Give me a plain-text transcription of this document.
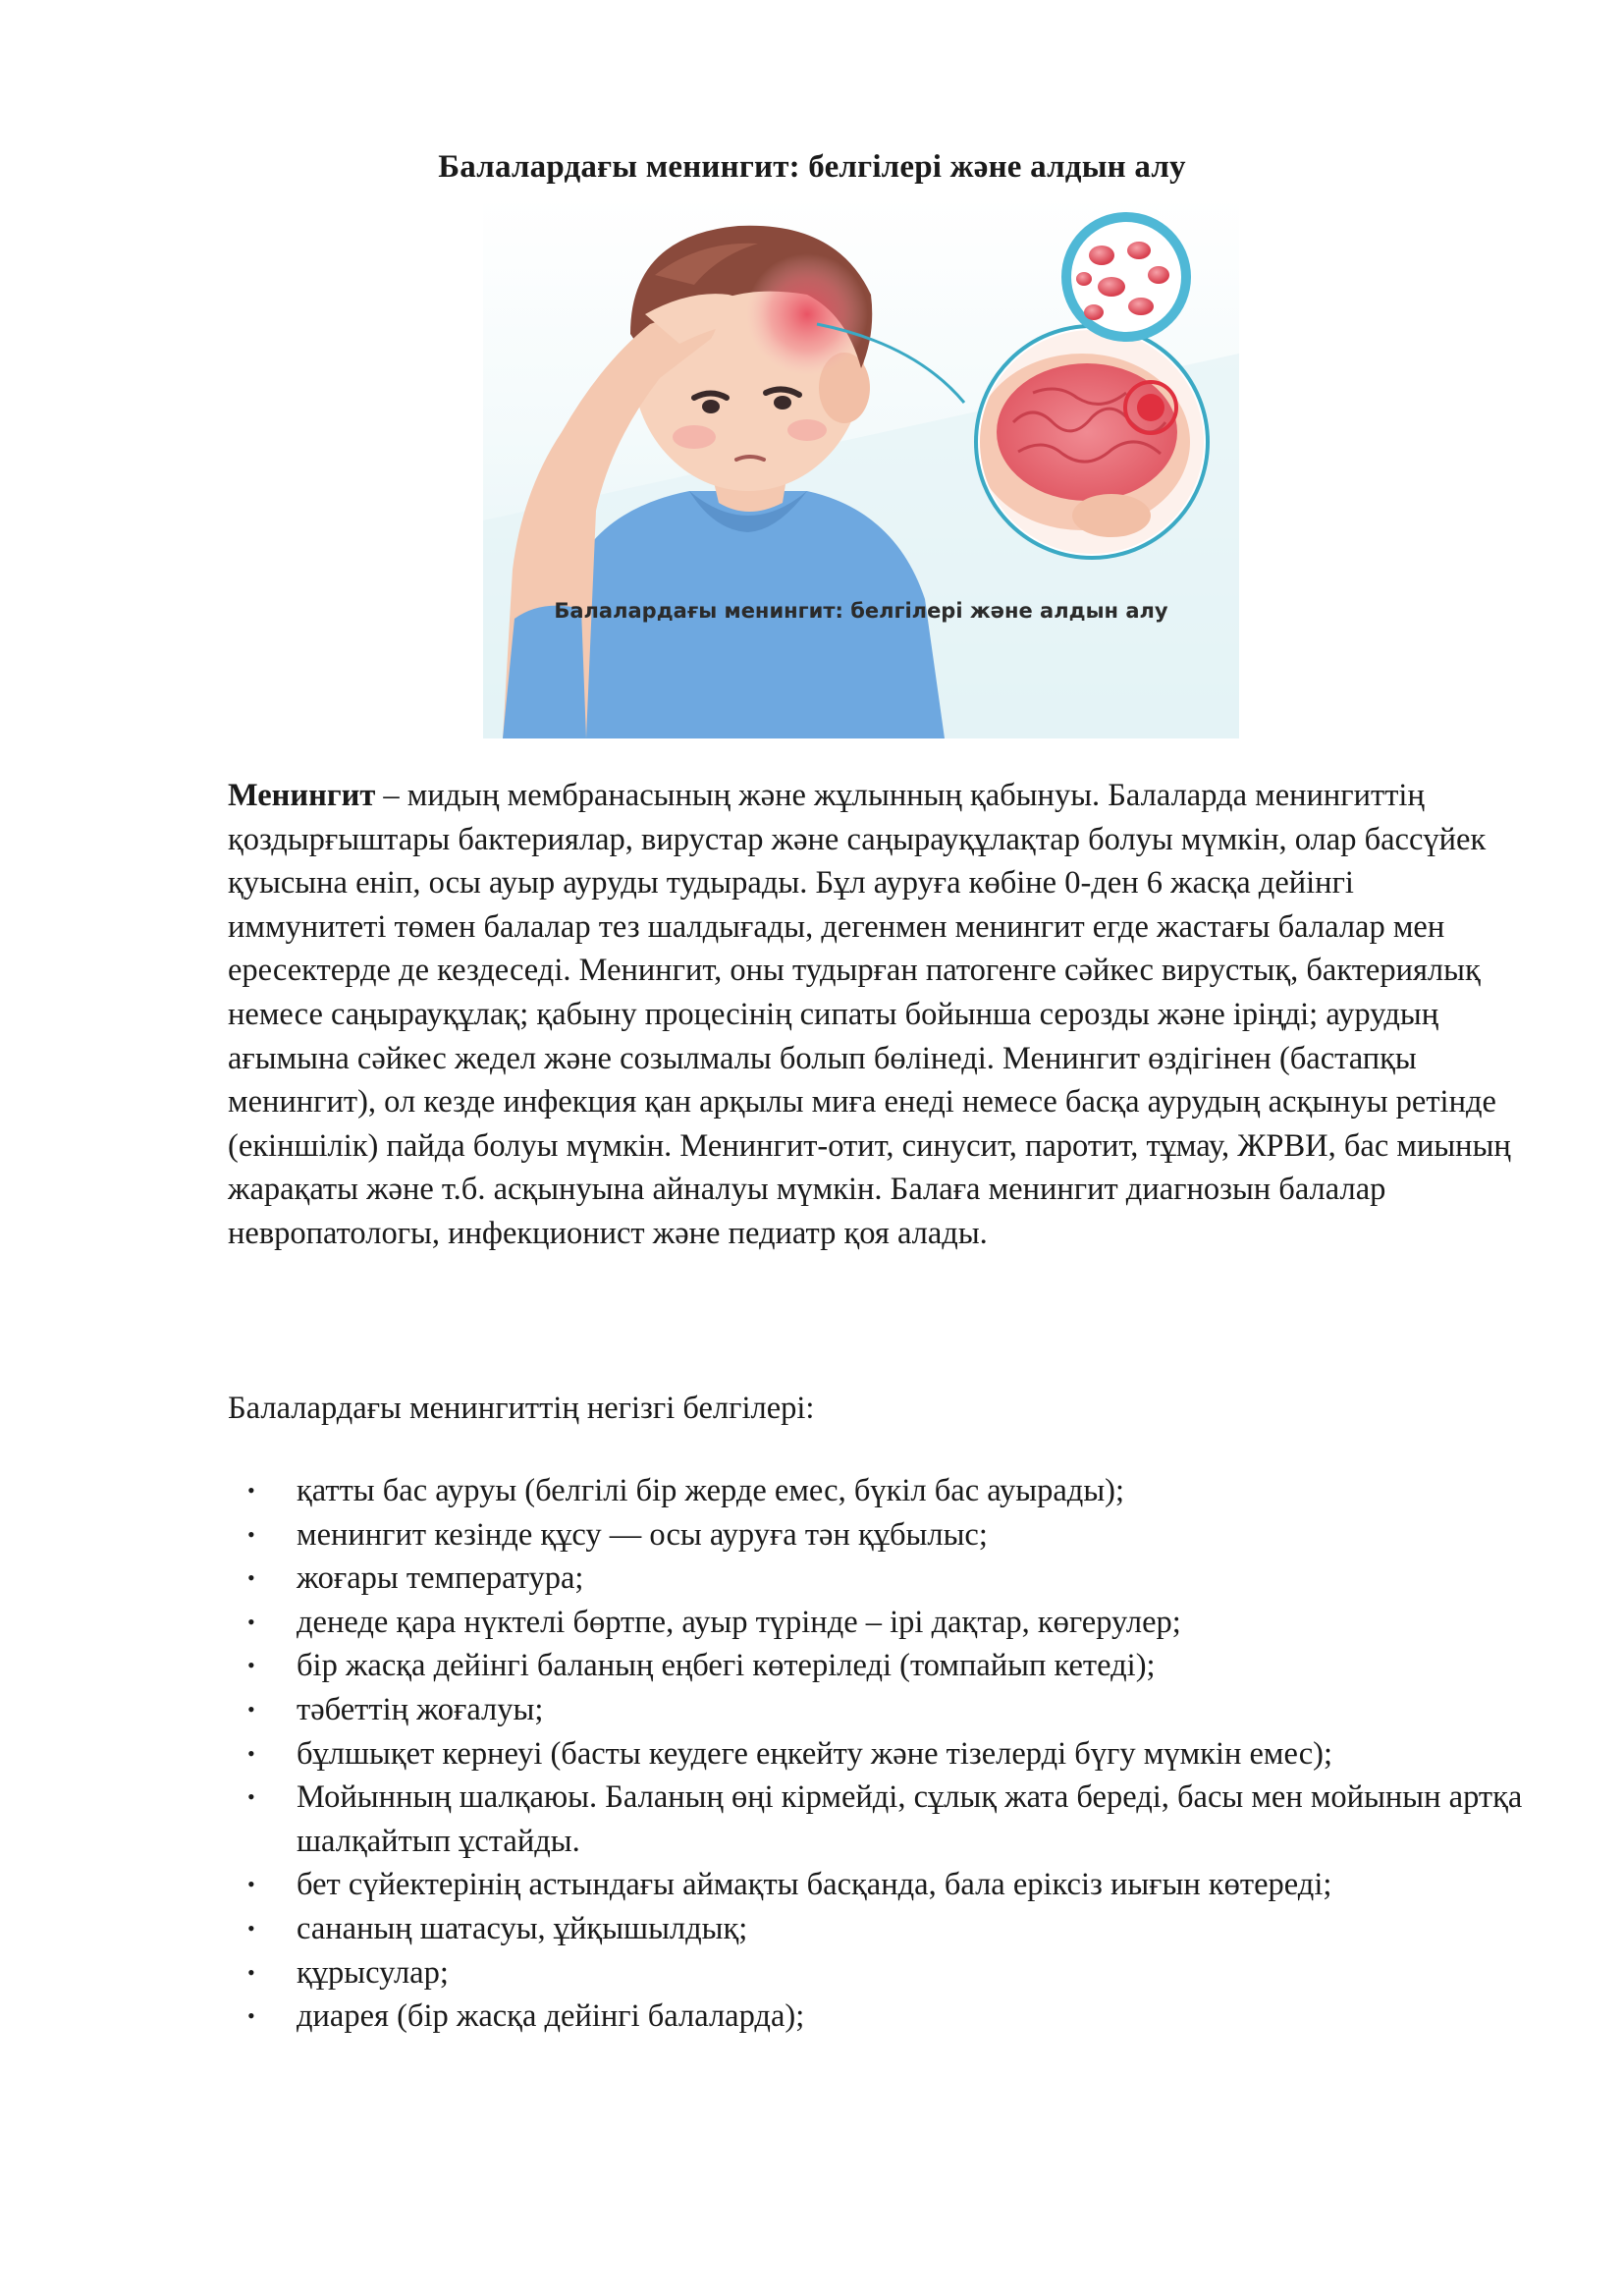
Балалардағы менингит: белгілері және алдын алу
Балалардағы менингит: белгілері және алдын алу

Менингит – мидың мембранасының және жұлынның қабынуы. Балаларда менингиттің қоздырғыштары бактериялар, вирустар және саңырауқұлақтар болуы мүмкін, олар бассүйек қуысына еніп, осы ауыр ауруды тудырады. Бұл ауруға көбіне 0-ден 6 жасқа дейінгі иммунитеті төмен балалар тез шалдығады, дегенмен менингит егде жастағы балалар мен ересектерде де кездеседі. Менингит, оны тудырған патогенге сәйкес вирустық, бактериялық немесе саңырауқұлақ; қабыну процесінің сипаты бойынша серозды және іріңді; аурудың ағымына сәйкес жедел және созылмалы болып бөлінеді. Менингит өздігінен (бастапқы менингит), ол кезде инфекция қан арқылы миға енеді немесе басқа аурудың асқынуы ретінде (екіншілік) пайда болуы мүмкін. Менингит-отит, синусит, паротит, тұмау, ЖРВИ, бас миының жарақаты және т.б. асқынуына айналуы мүмкін. Балаға менингит диагнозын балалар невропатологы, инфекционист және педиатр қоя алады.

Балалардағы менингиттің негізгі белгілері:

•	қатты бас ауруы (белгілі бір жерде емес, бүкіл бас ауырады);
•	менингит кезінде құсу — осы ауруға тән құбылыс;
•	жоғары температура;
•	денеде қара нүктелі бөртпе, ауыр түрінде – ірі дақтар, көгерулер;
•	бір жасқа дейінгі баланың еңбегі көтеріледі (томпайып кетеді);
•	тәбеттің жоғалуы;
•	бұлшықет кернеуі (басты кеудеге еңкейту және тізелерді бүгу мүмкін емес);
•	Мойынның шалқаюы. Баланың өңі кірмейді, сұлық жата береді, басы мен мойынын артқа шалқайтып ұстайды.
•	бет сүйектерінің астындағы аймақты басқанда, бала еріксіз иығын көтереді;
•	сананың шатасуы, ұйқышылдық;
•	құрысулар;
•	диарея (бір жасқа дейінгі балаларда);
